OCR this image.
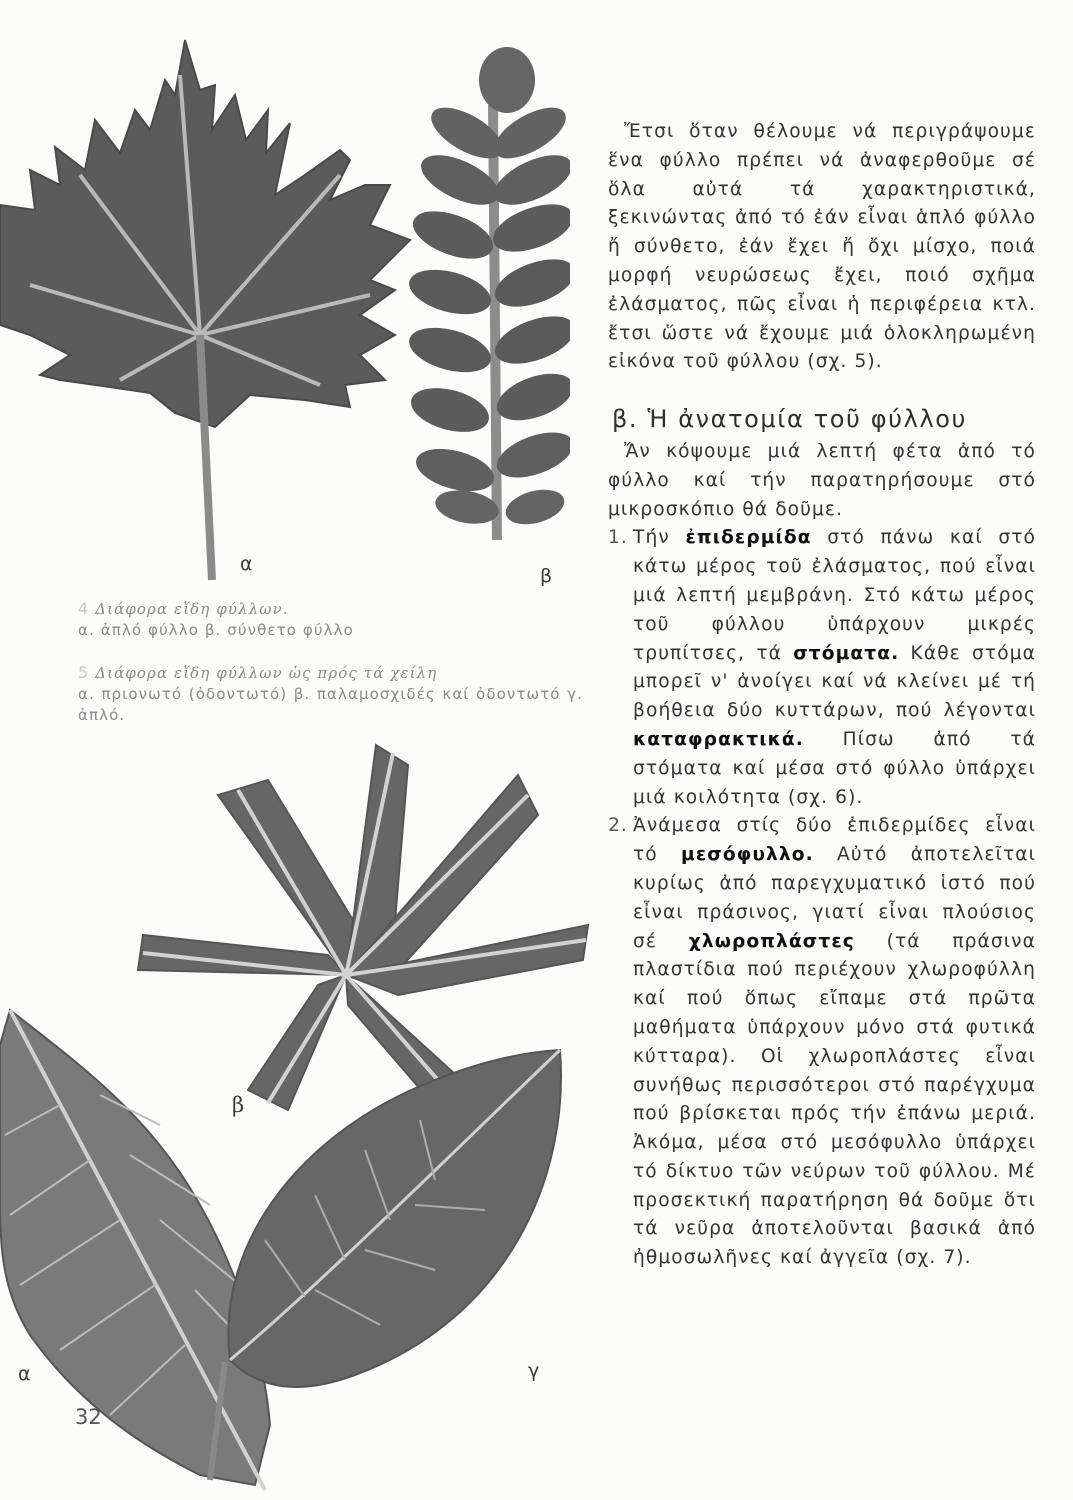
α
β

4 Διάφορα εἴδη φύλλων.

α. ἀπλό φύλλο β. σύνθετο φύλλο

5 Διάφορα εἴδη φύλλων ὡς πρός τά χείλη

α. πριονωτό (ὀδοντωτό) β. παλαμοσχιδές καί ὀδοντωτό γ. ἀπλό.

β
α	γ

Ἔτσι ὅταν θέλουμε νά περιγράψουμε ἕνα φύλλο πρέπει νά ἀναφερθοῦμε σέ ὅλα αὐτά τά χαρακτηριστικά, ξεκινώντας ἀπό τό ἐάν εἶναι ἁπλό φύλλο ἤ σύνθετο, ἐάν ἔχει ἤ ὄχι μίσχο, ποιά μορφή νευρώσεως ἔχει, ποιό σχῆμα ἐλάσματος, πῶς εἶναι ἡ περιφέρεια κτλ. ἔτσι ὥστε νά ἔχουμε μιά ὁλοκληρωμένη εἰκόνα τοῦ φύλλου (σχ. 5).

β. Ἡ ἀνατομία τοῦ φύλλου

Ἄν κόψουμε μιά λεπτή φέτα ἀπό τό φύλλο καί τήν παρατηρήσουμε στό μικροσκόπιο θά δοῦμε.

1. Τήν ἐπιδερμίδα στό πάνω καί στό κάτω μέρος τοῦ ἐλάσματος, πού εἶναι μιά λεπτή μεμβράνη. Στό κάτω μέρος τοῦ φύλλου ὑπάρχουν μικρές τρυπίτσες, τά στόματα. Κάθε στόμα μπορεῖ ν' ἀνοίγει καί νά κλείνει μέ τή βοήθεια δύο κυττάρων, πού λέγονται καταφρακτικά. Πίσω ἀπό τά στόματα καί μέσα στό φύλλο ὑπάρχει μιά κοιλότητα (σχ. 6).
2. Ἀνάμεσα στίς δύο ἐπιδερμίδες εἶναι τό μεσόφυλλο. Αὐτό ἀποτελεῖται κυρίως ἀπό παρεγχυματικό ἱστό πού εἶναι πράσινος, γιατί εἶναι πλούσιος σέ χλωροπλάστες (τά πράσινα πλαστίδια πού περιέχουν χλωροφύλλη καί πού ὅπως εἴπαμε στά πρῶτα μαθήματα ὑπάρχουν μόνο στά φυτικά κύτταρα). Οἱ χλωροπλάστες εἶναι συνήθως περισσότεροι στό παρέγχυμα πού βρίσκεται πρός τήν ἐπάνω μεριά. Ἀκόμα, μέσα στό μεσόφυλλο ὑπάρχει τό δίκτυο τῶν νεύρων τοῦ φύλλου. Μέ προσεκτική παρατήρηση θά δοῦμε ὅτι τά νεῦρα ἀποτελοῦνται βασικά ἀπό ἠθμοσωλῆνες καί ἀγγεῖα (σχ. 7).
32
